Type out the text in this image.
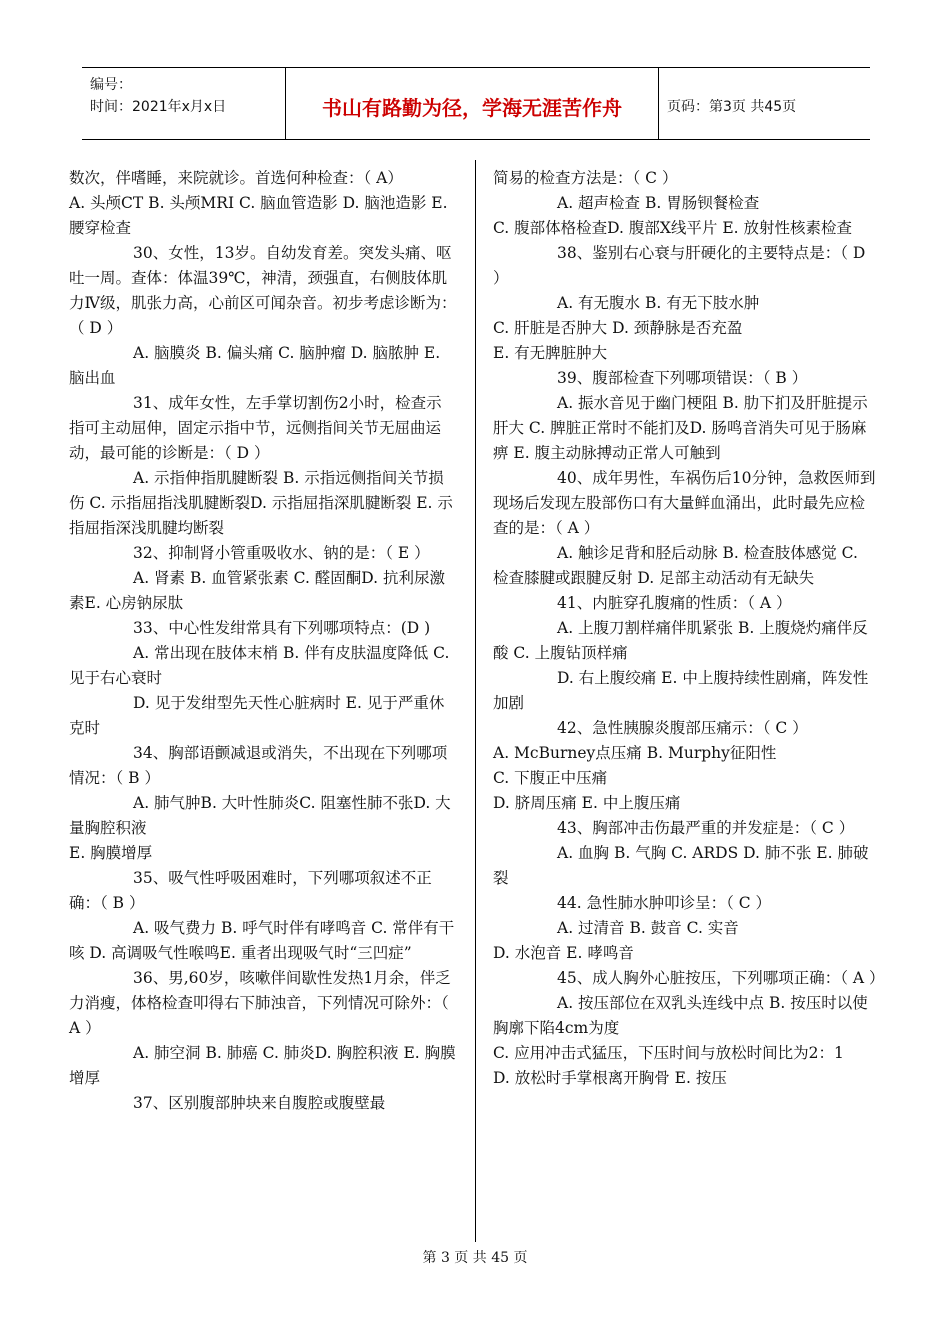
编号：
时间：2021年x月x日	书山有路勤为径，学海无涯苦作舟	页码：第3页 共45页

数次，伴嗜睡，来院就诊。首选何种检查：（ A）

A. 头颅CT B. 头颅MRI C. 脑血管造影 D. 脑池造影 E. 腰穿检查

30、女性，13岁。自幼发育差。突发头痛、呕吐一周。查体：体温39℃，神清，颈强直，右侧肢体肌力Ⅳ级，肌张力高，心前区可闻杂音。初步考虑诊断为：（ D ）

A. 脑膜炎 B. 偏头痛 C. 脑肿瘤 D. 脑脓肿 E. 脑出血

31、成年女性，左手掌切割伤2小时，检查示指可主动屈伸，固定示指中节，远侧指间关节无屈曲运动，最可能的诊断是：（ D ）

A. 示指伸指肌腱断裂 B. 示指远侧指间关节损伤 C. 示指屈指浅肌腱断裂D. 示指屈指深肌腱断裂 E. 示指屈指深浅肌腱均断裂

32、抑制肾小管重吸收水、钠的是：（ E ）

A. 肾素 B. 血管紧张素 C. 醛固酮D. 抗利尿激素E. 心房钠尿肽

33、中心性发绀常具有下列哪项特点：(D )

A. 常出现在肢体末梢 B. 伴有皮肤温度降低 C. 见于右心衰时

D. 见于发绀型先天性心脏病时 E. 见于严重休克时

34、胸部语颤减退或消失，不出现在下列哪项情况：（ B ）

A. 肺气肿B. 大叶性肺炎C. 阻塞性肺不张D. 大量胸腔积液

E. 胸膜增厚

35、吸气性呼吸困难时，下列哪项叙述不正确：（ B ）

A. 吸气费力 B. 呼气时伴有哮鸣音 C. 常伴有干咳 D. 高调吸气性喉鸣E. 重者出现吸气时“三凹症”

36、男,60岁，咳嗽伴间歇性发热1月余，伴乏力消瘦，体格检查叩得右下肺浊音，下列情况可除外：（ A ）

A. 肺空洞 B. 肺癌 C. 肺炎D. 胸腔积液 E. 胸膜增厚

37、区别腹部肿块来自腹腔或腹壁最

简易的检查方法是：（ C ）

A. 超声检查 B. 胃肠钡餐检查

C. 腹部体格检查D. 腹部X线平片 E. 放射性核素检查

38、鉴别右心衰与肝硬化的主要特点是：（ D ）

A. 有无腹水 B. 有无下肢水肿

C. 肝脏是否肿大 D. 颈静脉是否充盈

E. 有无脾脏肿大

39、腹部检查下列哪项错误：（ B ）

A. 振水音见于幽门梗阻 B. 肋下扪及肝脏提示肝大 C. 脾脏正常时不能扪及D. 肠鸣音消失可见于肠麻痹 E. 腹主动脉搏动正常人可触到

40、成年男性，车祸伤后10分钟，急救医师到现场后发现左股部伤口有大量鲜血涌出，此时最先应检查的是：（ A ）

A. 触诊足背和胫后动脉 B. 检查肢体感觉 C. 检查膝腱或跟腱反射 D. 足部主动活动有无缺失

41、内脏穿孔腹痛的性质：（ A ）

A. 上腹刀割样痛伴肌紧张 B. 上腹烧灼痛伴反酸 C. 上腹钻顶样痛

D. 右上腹绞痛 E. 中上腹持续性剧痛，阵发性加剧

42、急性胰腺炎腹部压痛示：（ C ）

A. McBurney点压痛 B. Murphy征阳性

C. 下腹正中压痛

D. 脐周压痛 E. 中上腹压痛

43、胸部冲击伤最严重的并发症是：（ C ）

A. 血胸 B. 气胸 C. ARDS D. 肺不张 E. 肺破裂

44. 急性肺水肿叩诊呈：（ C ）

A. 过清音 B. 鼓音 C. 实音

D. 水泡音 E. 哮鸣音

45、成人胸外心脏按压，下列哪项正确：（ A ）

A. 按压部位在双乳头连线中点 B. 按压时以使胸廓下陷4cm为度

C. 应用冲击式猛压，下压时间与放松时间比为2：1

D. 放松时手掌根离开胸骨 E. 按压

第 3 页 共 45 页
